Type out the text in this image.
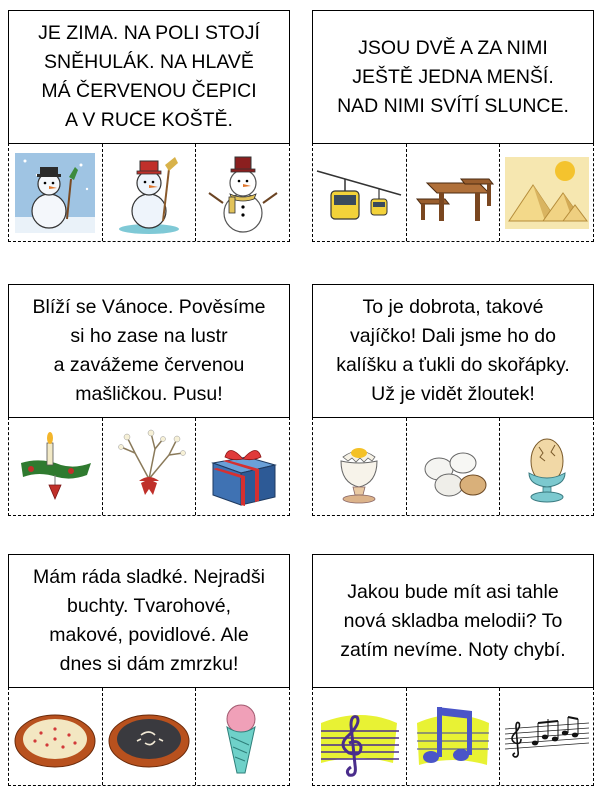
JE ZIMA. NA POLI STOJÍ
SNĚHULÁK. NA HLAVĚ
MÁ ČERVENOU ČEPICI
A V RUCE KOŠTĚ.
JSOU DVĚ A ZA NIMI
JEŠTĚ JEDNA MENŠÍ.
NAD NIMI SVÍTÍ SLUNCE.
Blíží se Vánoce. Pověsíme
si ho zase na lustr
a zavážeme červenou
mašličkou. Pusu!
To je dobrota, takové
vajíčko! Dali jsme ho do
kalíšku a ťukli do skořápky.
Už je vidět žloutek!
Mám ráda sladké. Nejradši
buchty. Tvarohové,
makové, povidlové. Ale
dnes si dám zmrzku!
Jakou bude mít asi tahle
nová skladba melodii? To
zatím nevíme. Noty chybí.
